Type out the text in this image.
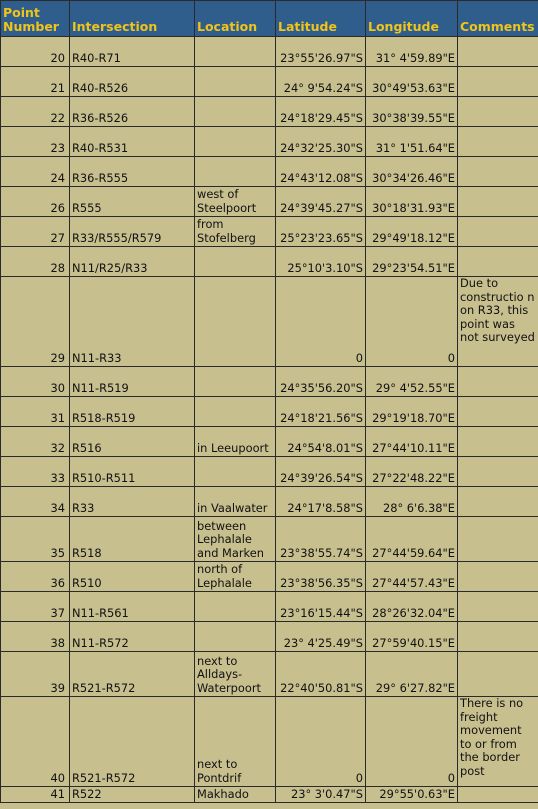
Point Number	Intersection	Location	Latitude	Longitude	Comments
20	R40-R71		23°55'26.97"S	31° 4'59.89"E	
21	R40-R526		24° 9'54.24"S	30°49'53.63"E	
22	R36-R526		24°18'29.45"S	30°38'39.55"E	
23	R40-R531		24°32'25.30"S	31° 1'51.64"E	
24	R36-R555		24°43'12.08"S	30°34'26.46"E	
26	R555	west of Steelpoort	24°39'45.27"S	30°18'31.93"E	
27	R33/R555/R579	from Stofelberg	25°23'23.65"S	29°49'18.12"E	
28	N11/R25/R33		25°10'3.10"S	29°23'54.51"E	
29	N11-R33		0	0	Due to constructio n on R33, this point was not surveyed
30	N11-R519		24°35'56.20"S	29° 4'52.55"E	
31	R518-R519		24°18'21.56"S	29°19'18.70"E	
32	R516	in Leeupoort	24°54'8.01"S	27°44'10.11"E	
33	R510-R511		24°39'26.54"S	27°22'48.22"E	
34	R33	in Vaalwater	24°17'8.58"S	28° 6'6.38"E	
35	R518	between Lephalale and Marken	23°38'55.74"S	27°44'59.64"E	
36	R510	north of Lephalale	23°38'56.35"S	27°44'57.43"E	
37	N11-R561		23°16'15.44"S	28°26'32.04"E	
38	N11-R572		23° 4'25.49"S	27°59'40.15"E	
39	R521-R572	next to Alldays-Waterpoort	22°40'50.81"S	29° 6'27.82"E	
40	R521-R572	next to Pontdrif	0	0	There is no freight movement to or from the border post
41	R522	Makhado	23° 3'0.47"S	29°55'0.63"E	
